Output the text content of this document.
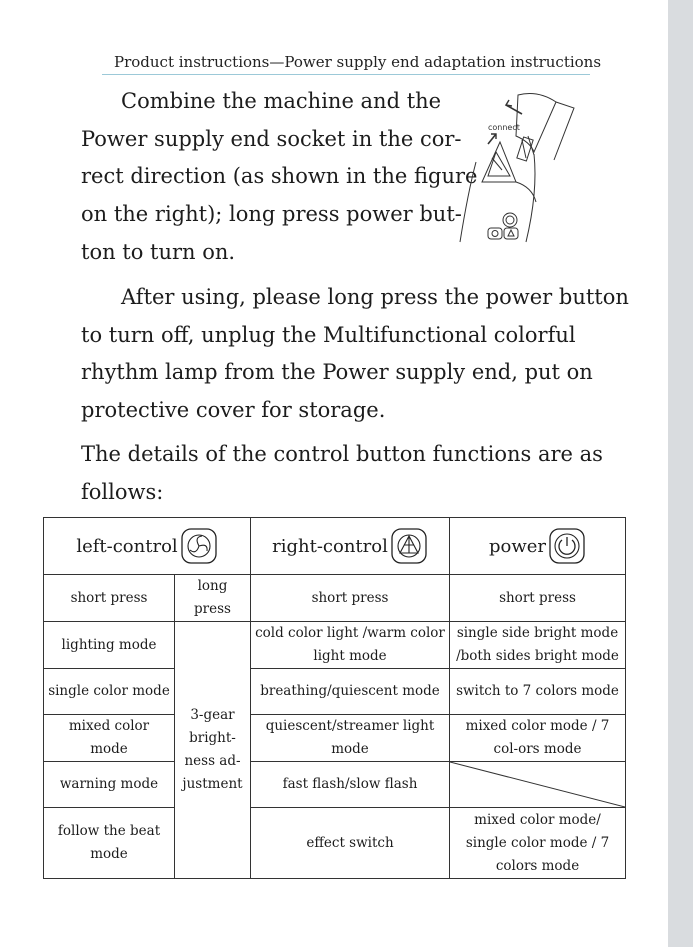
Product instructions—Power supply end adaptation instructions
Combine the machine and the
Power supply end socket in the cor-
rect direction (as shown in the figure
on the right); long press power but-
ton to turn on.
connect
After using, please long press the power button
to turn off, unplug the Multifunctional colorful
rhythm lamp from the Power supply end, put on
protective cover for storage.
The details of the control button functions are as
follows:
left-control		right-control	power

short press	long press	short press	short press
lighting mode	3-gear bright-ness ad-justment	cold color light /warm color light mode	single side bright mode /both sides bright mode
single color mode		breathing/quiescent mode	switch to 7 colors mode
mixed color mode		quiescent/streamer light mode	mixed color mode / 7 col-ors mode
warning mode		fast flash/slow flash	

follow the beat mode		effect switch	mixed color mode/ single color mode / 7 colors mode
